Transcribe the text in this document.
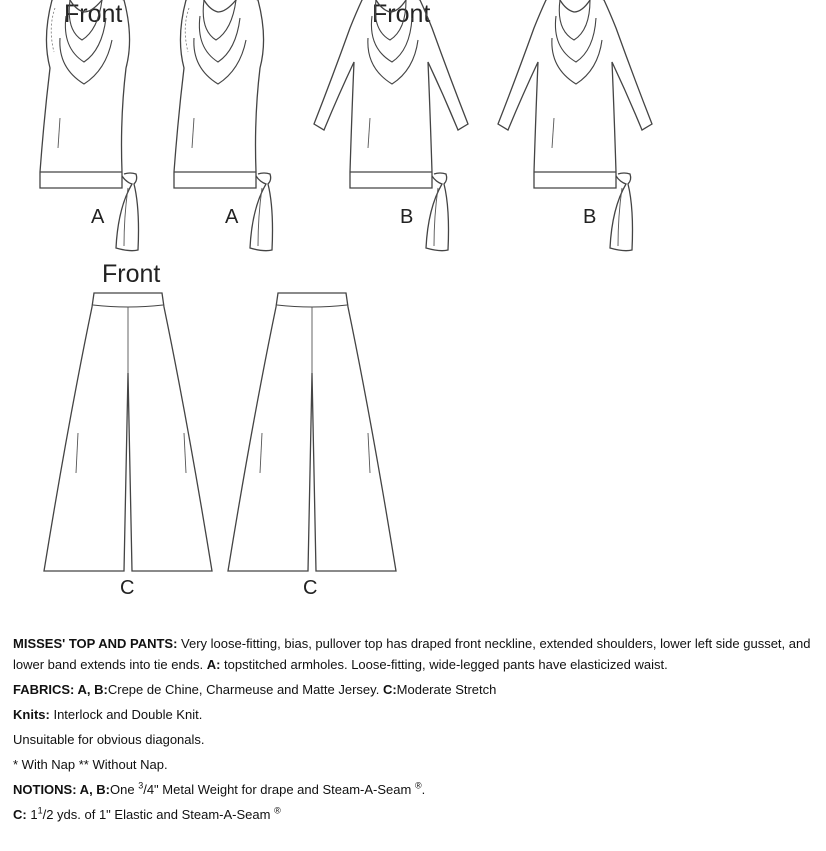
Front	Front
Front
A	A	B	B
C	C

MISSES' TOP AND PANTS: Very loose-fitting, bias, pullover top has draped front neckline, extended shoulders, lower left side gusset, and lower band extends into tie ends. A: topstitched armholes. Loose-fitting, wide-legged pants have elasticized waist.

FABRICS: A, B:Crepe de Chine, Charmeuse and Matte Jersey. C:Moderate Stretch

Knits: Interlock and Double Knit.

Unsuitable for obvious diagonals.

* With Nap ** Without Nap.

NOTIONS: A, B:One $^3$/4" Metal Weight for drape and Steam-A-Seam ®.

C: $1^1/2$ yds. of 1" Elastic and Steam-A-Seam ®
